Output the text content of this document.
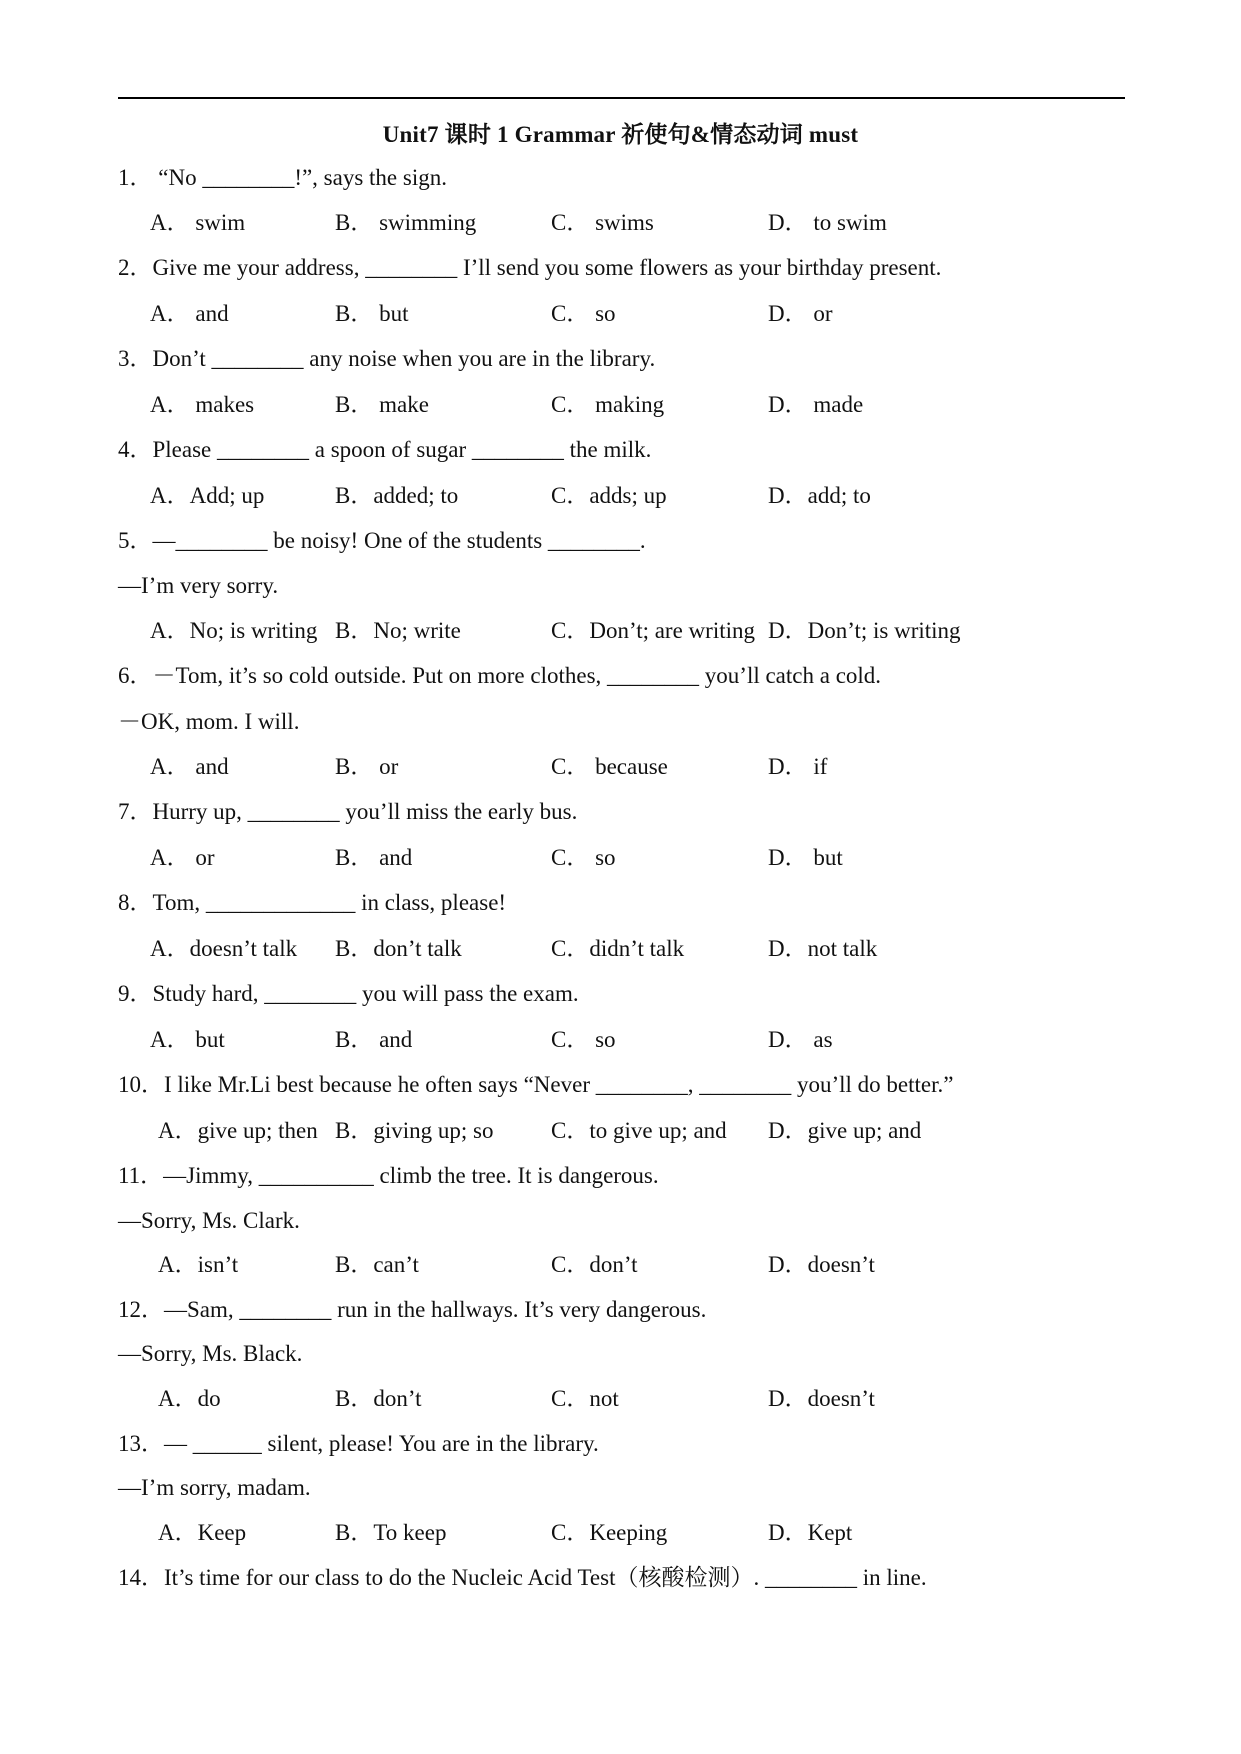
Unit7 课时 1 Grammar 祈使句&情态动词 must
1． “No ________!”, says the sign.
A． swim	B． swimming	C． swims	D． to swim
2．Give me your address, ________ I’ll send you some flowers as your birthday present.
A． and	B． but	C． so	D． or
3．Don’t ________ any noise when you are in the library.
A． makes	B． make	C． making	D． made
4．Please ________ a spoon of sugar ________ the milk.
A．Add; up	B．added; to	C．adds; up	D．add; to
5．—________ be noisy! One of the students ________.
—I’m very sorry.
A．No; is writing B．No; write	C．Don’t; are writing D．Don’t; is writing
6．－Tom, it’s so cold outside. Put on more clothes, ________ you’ll catch a cold.
－OK, mom. I will.
A． and	B． or	C． because	D． if
7．Hurry up, ________ you’ll miss the early bus.
A． or	B． and	C． so	D． but
8．Tom, _____________ in class, please!
A．doesn’t talk B．don’t talk	C．didn’t talk	D．not talk
9．Study hard, ________ you will pass the exam.
A． but	B． and	C． so	D． as
10．I like Mr.Li best because he often says “Never ________, ________ you’ll do better.”
A．give up; then B．giving up; so	C．to give up; and D．give up; and
11．—Jimmy, __________ climb the tree. It is dangerous.
—Sorry, Ms. Clark.
A．isn’t	B．can’t	C．don’t	D．doesn’t
12．—Sam, ________ run in the hallways. It’s very dangerous.
—Sorry, Ms. Black.
A．do	B．don’t	C．not	D．doesn’t
13．— ______ silent, please! You are in the library.
—I’m sorry, madam.
A．Keep	B．To keep	C．Keeping	D．Kept
14．It’s time for our class to do the Nucleic Acid Test（核酸检测）. ________ in line.
